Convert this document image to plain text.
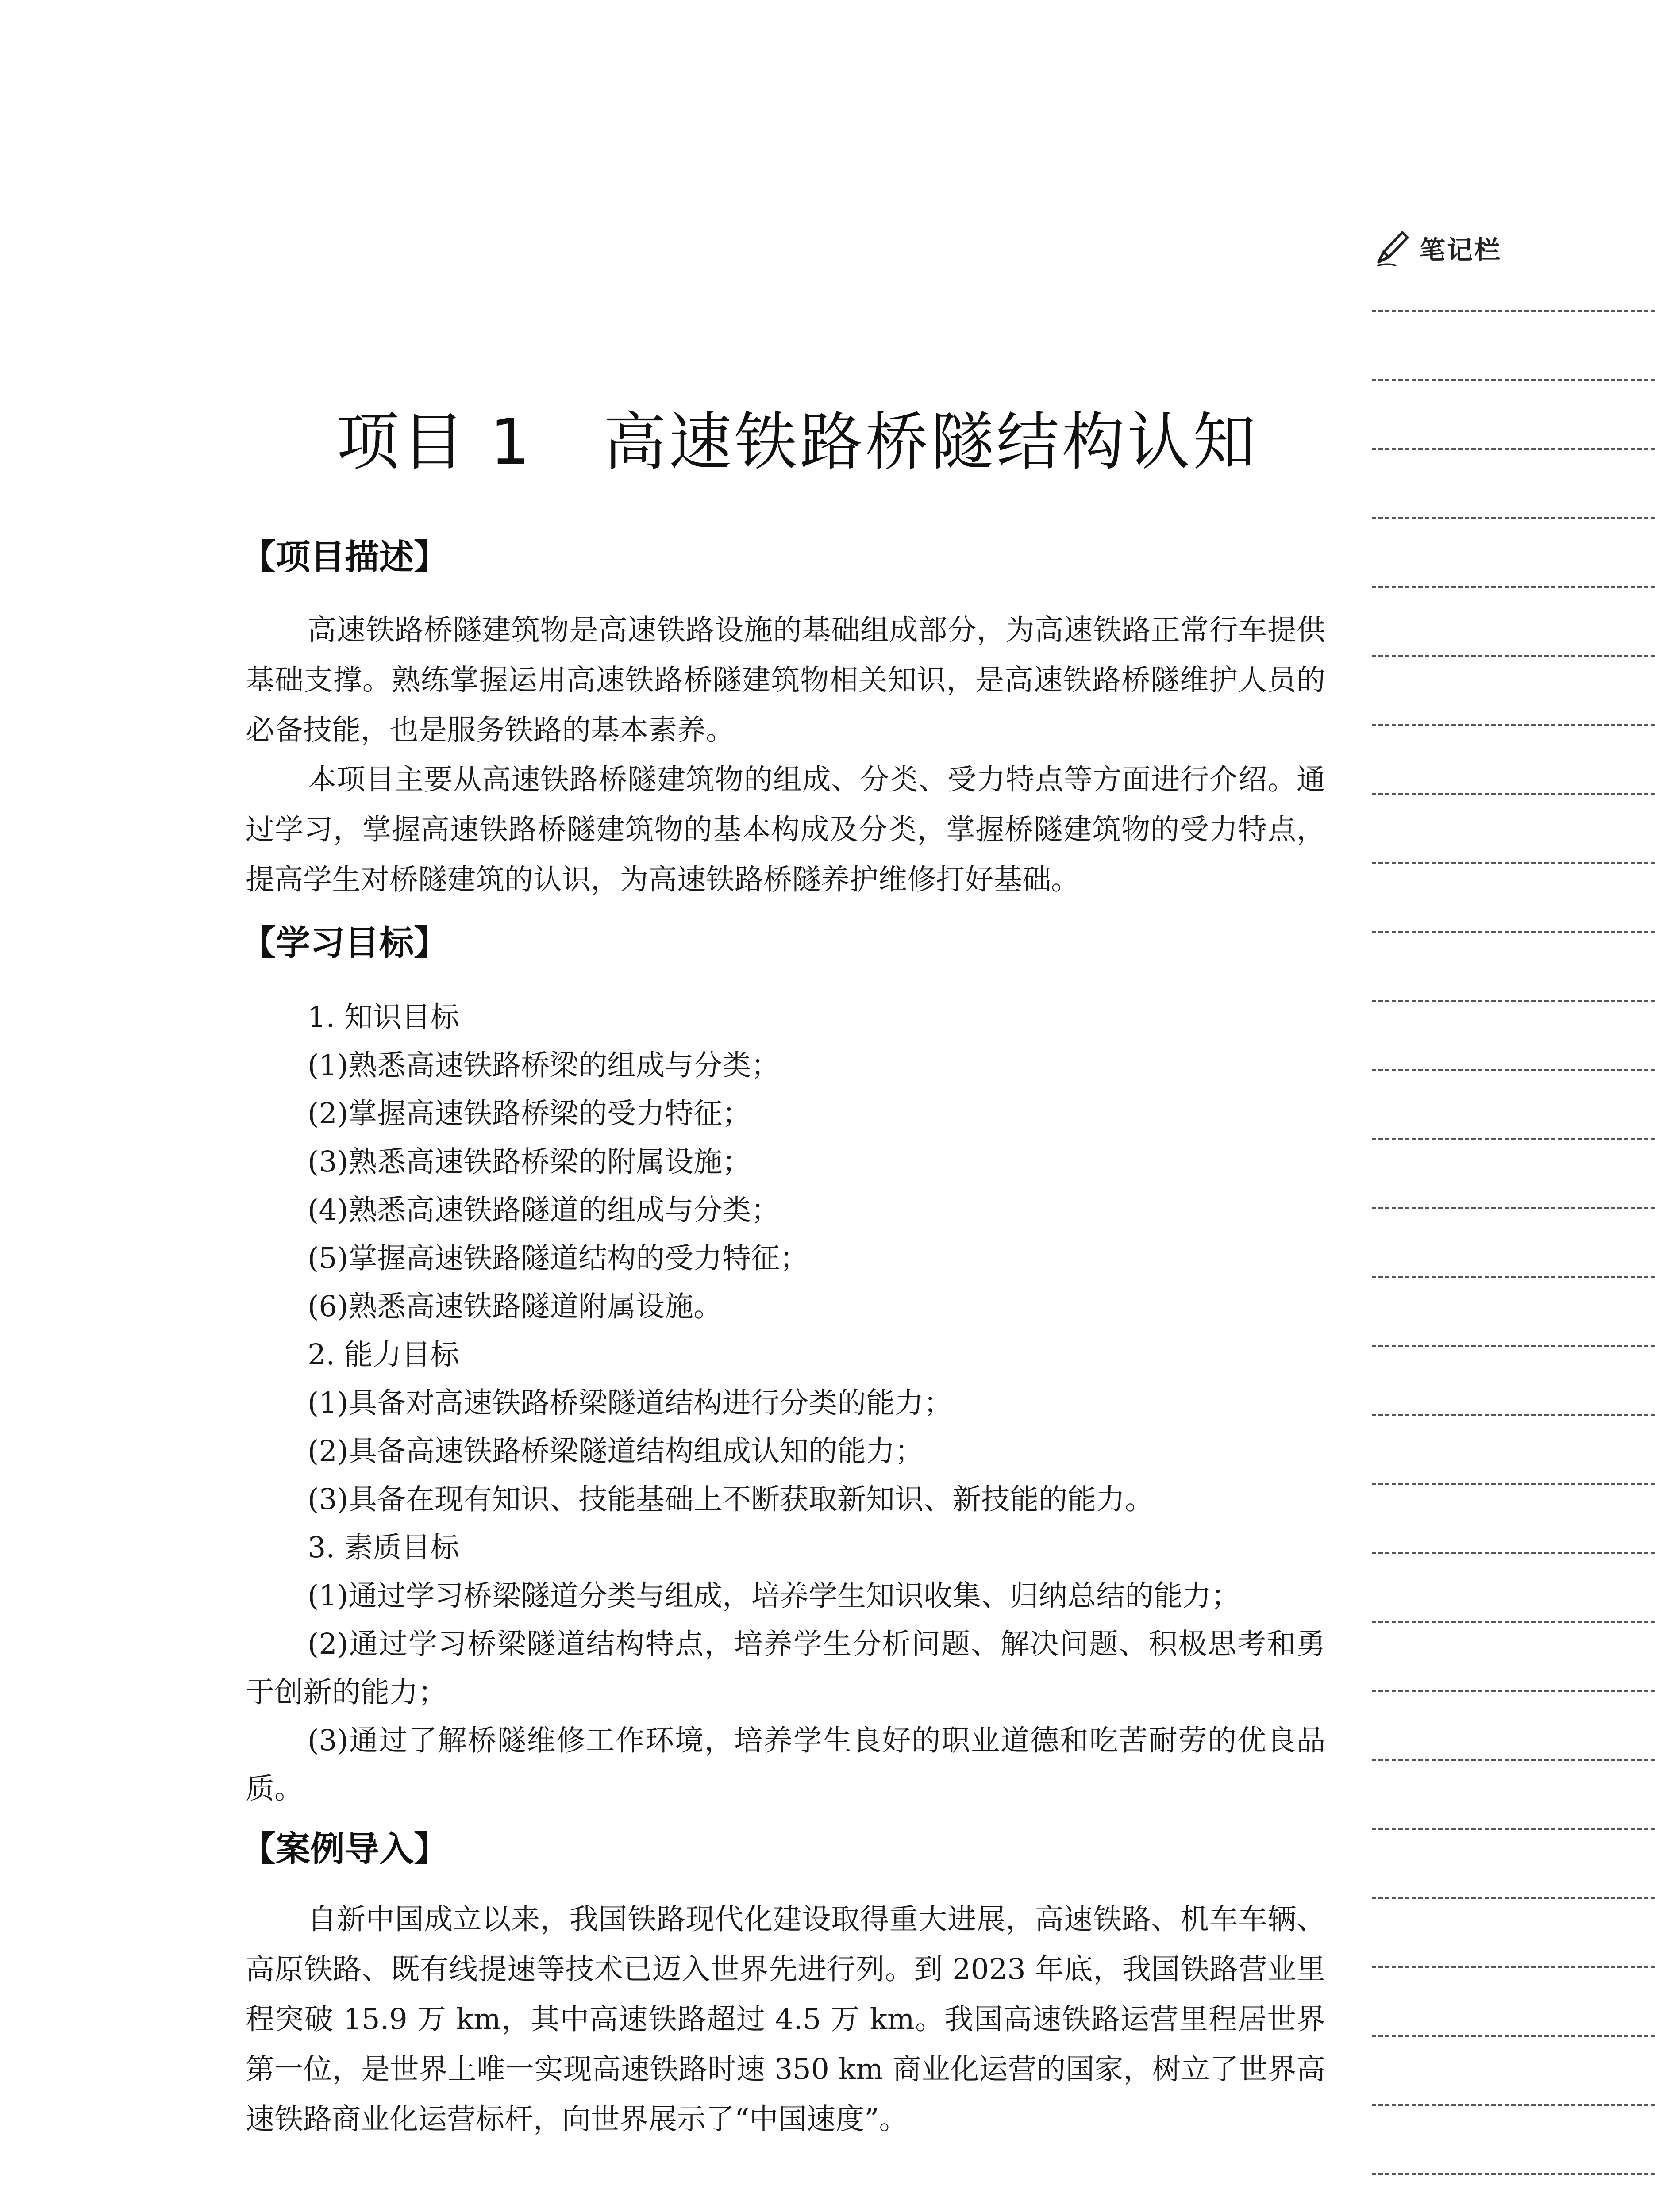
笔记栏
项目 1 高速铁路桥隧结构认知
【项目描述】

高速铁路桥隧建筑物是高速铁路设施的基础组成部分，为高速铁路正常行车提供基础支撑。熟练掌握运用高速铁路桥隧建筑物相关知识，是高速铁路桥隧维护人员的必备技能，也是服务铁路的基本素养。

本项目主要从高速铁路桥隧建筑物的组成、分类、受力特点等方面进行介绍。通过学习，掌握高速铁路桥隧建筑物的基本构成及分类，掌握桥隧建筑物的受力特点，提高学生对桥隧建筑的认识，为高速铁路桥隧养护维修打好基础。

【学习目标】
1. 知识目标
(1)熟悉高速铁路桥梁的组成与分类；
(2)掌握高速铁路桥梁的受力特征；
(3)熟悉高速铁路桥梁的附属设施；
(4)熟悉高速铁路隧道的组成与分类；
(5)掌握高速铁路隧道结构的受力特征；
(6)熟悉高速铁路隧道附属设施。
2. 能力目标
(1)具备对高速铁路桥梁隧道结构进行分类的能力；
(2)具备高速铁路桥梁隧道结构组成认知的能力；
(3)具备在现有知识、技能基础上不断获取新知识、新技能的能力。
3. 素质目标
(1)通过学习桥梁隧道分类与组成，培养学生知识收集、归纳总结的能力；
(2)通过学习桥梁隧道结构特点，培养学生分析问题、解决问题、积极思考和勇于创新的能力；
(3)通过了解桥隧维修工作环境，培养学生良好的职业道德和吃苦耐劳的优良品质。
【案例导入】

自新中国成立以来，我国铁路现代化建设取得重大进展，高速铁路、机车车辆、高原铁路、既有线提速等技术已迈入世界先进行列。到 2023 年底，我国铁路营业里程突破 15.9 万 km，其中高速铁路超过 4.5 万 km。我国高速铁路运营里程居世界第一位，是世界上唯一实现高速铁路时速 350 km 商业化运营的国家，树立了世界高速铁路商业化运营标杆，向世界展示了“中国速度”。
